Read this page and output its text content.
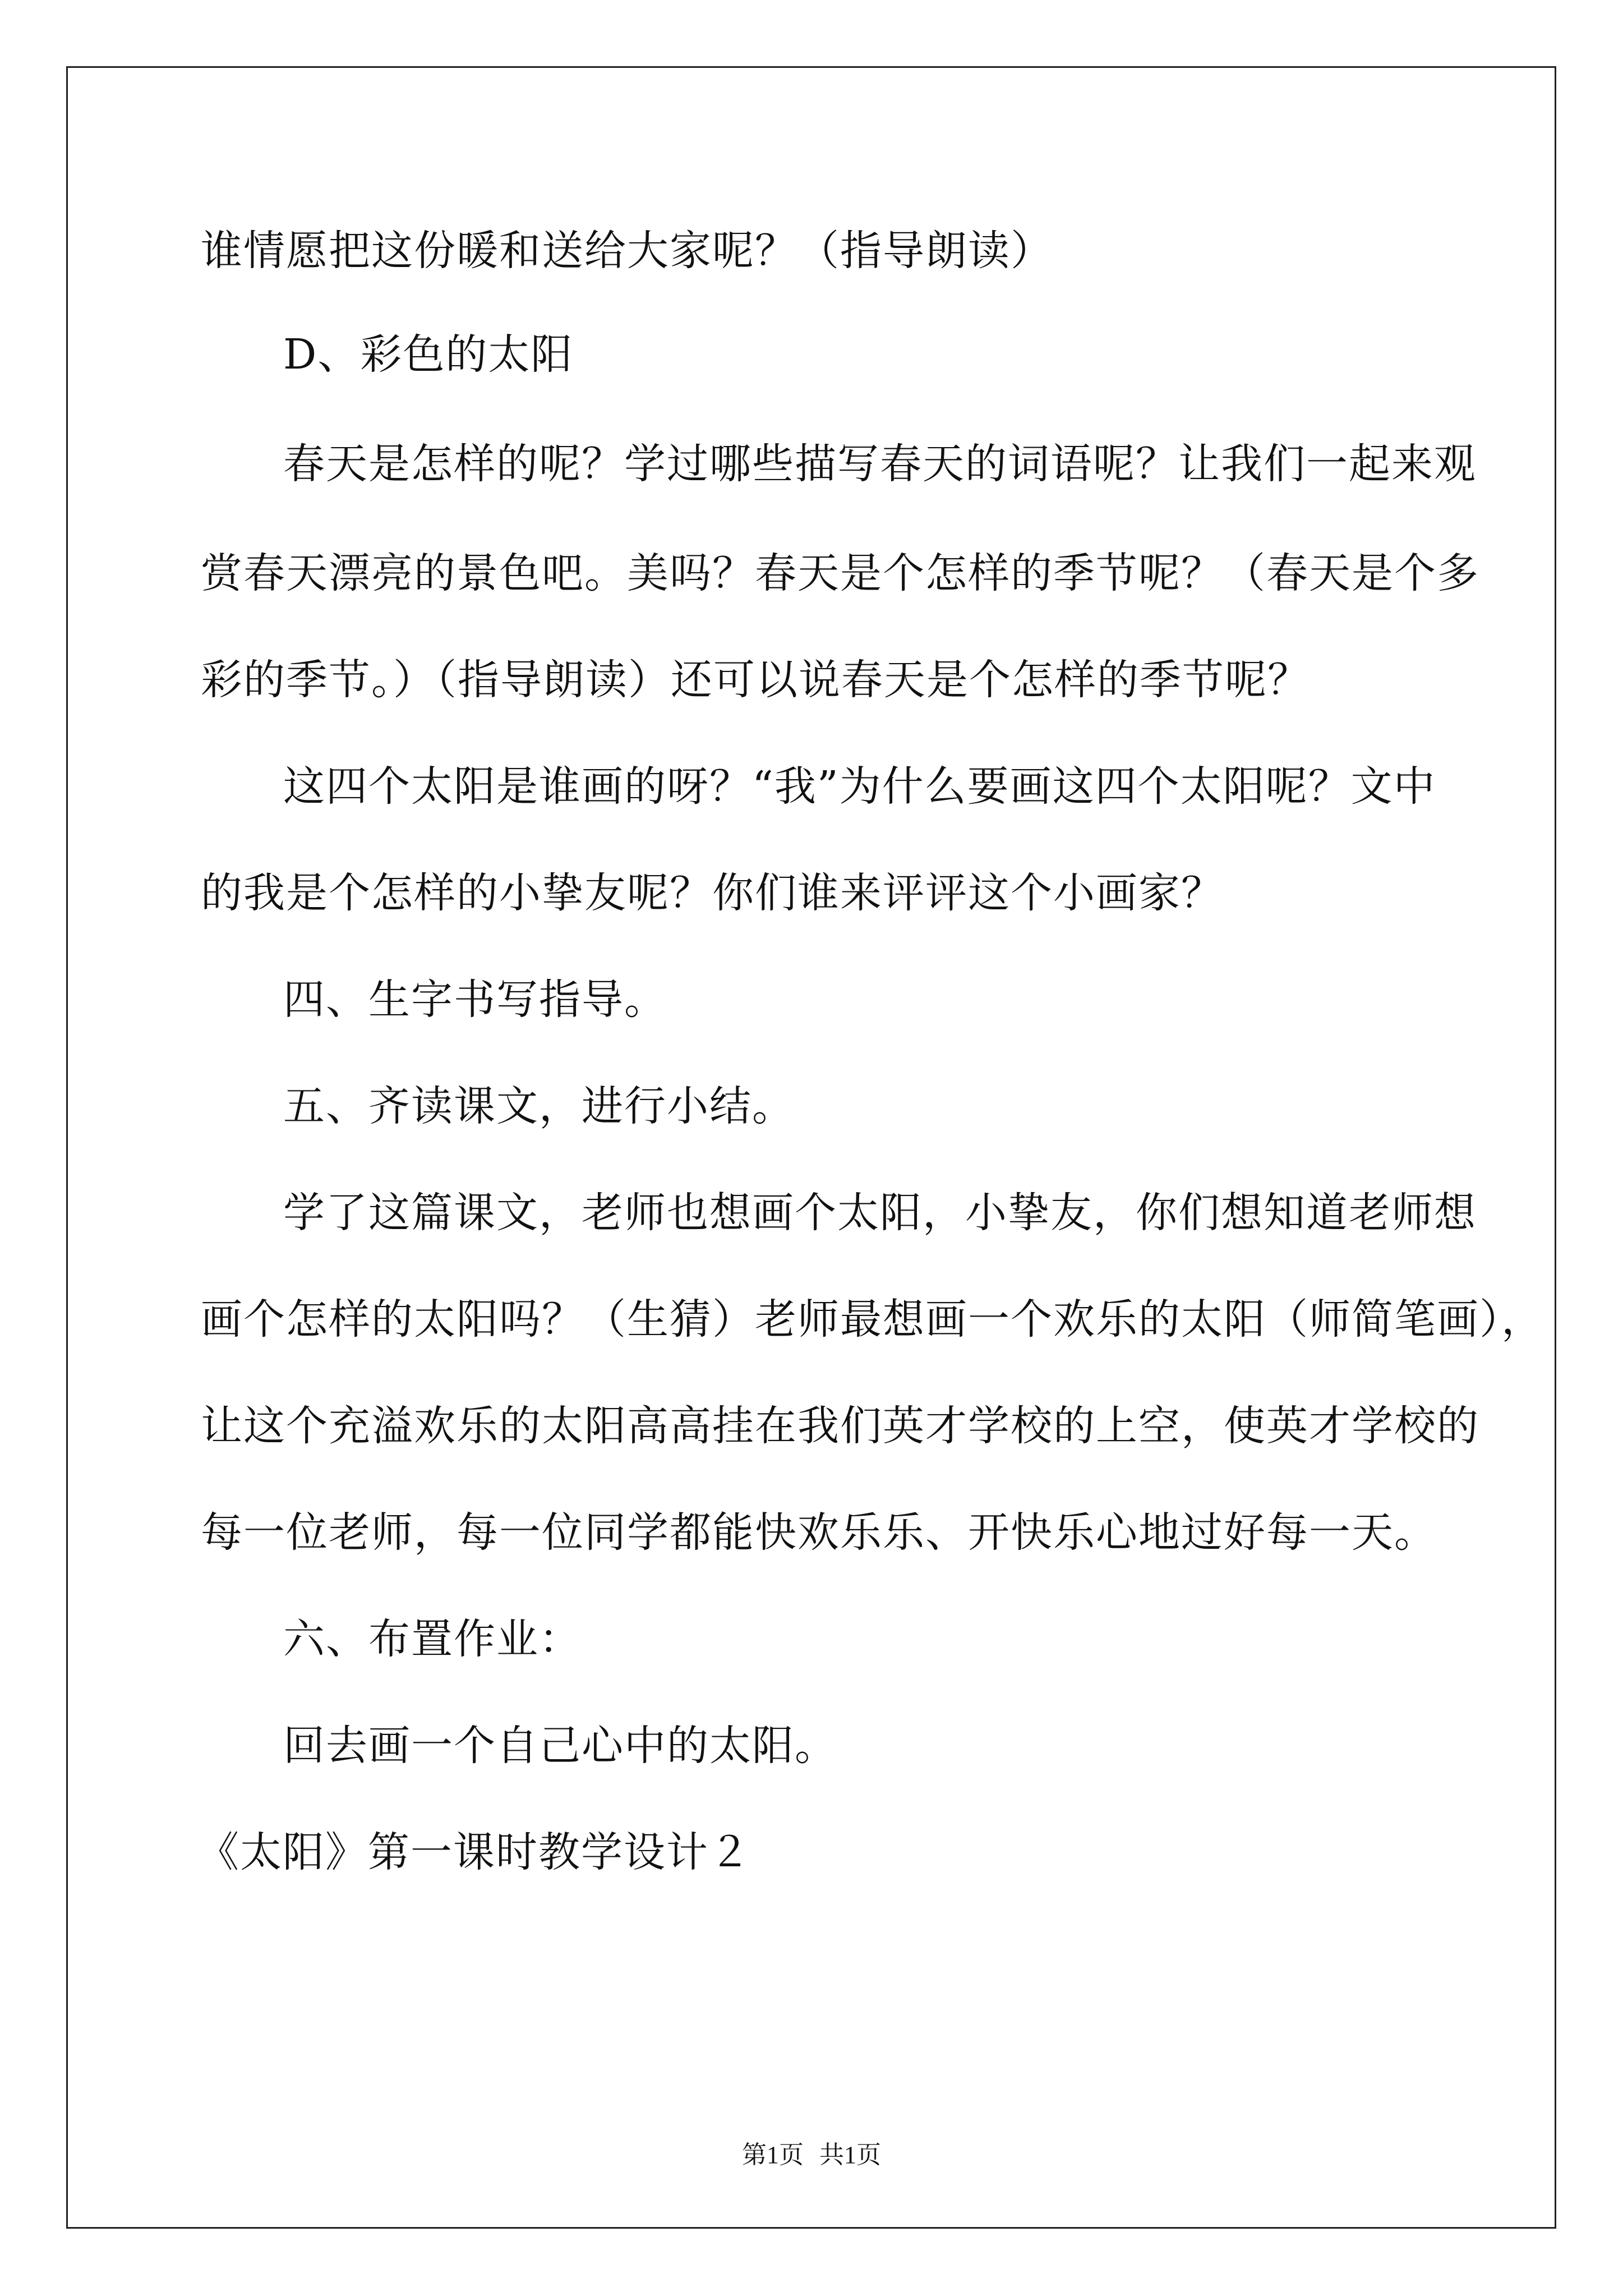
谁情愿把这份暖和送给大家呢？（指导朗读）
D、彩色的太阳
春天是怎样的呢？学过哪些描写春天的词语呢？让我们一起来观
赏春天漂亮的景色吧。美吗？春天是个怎样的季节呢？（春天是个多
彩的季节。）（指导朗读）还可以说春天是个怎样的季节呢？
这四个太阳是谁画的呀？“我”为什么要画这四个太阳呢？文中
的我是个怎样的小挚友呢？你们谁来评评这个小画家？
四、生字书写指导。
五、齐读课文，进行小结。
学了这篇课文，老师也想画个太阳，小挚友，你们想知道老师想
画个怎样的太阳吗？（生猜）老师最想画一个欢乐的太阳（师简笔画），
让这个充溢欢乐的太阳高高挂在我们英才学校的上空，使英才学校的
每一位老师，每一位同学都能快欢乐乐、开快乐心地过好每一天。
六、布置作业：
回去画一个自己心中的太阳。
《太阳》第一课时教学设计２
第1页 共1页
